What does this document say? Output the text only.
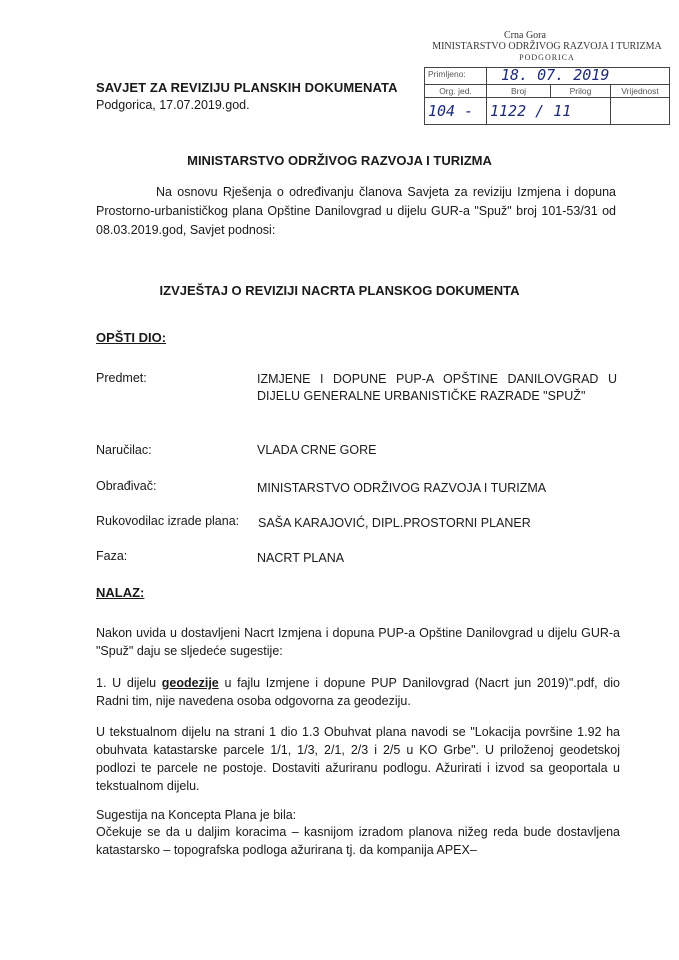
SAVJET ZA REVIZIJU PLANSKIH DOKUMENATA
Podgorica, 17.07.2019.god.
Crna Gora
MINISTARSTVO ODRŽIVOG RAZVOJA I TURIZMA
PODGORICA
Primljeno:	18. 07. 2019
Org. jed.	Broj	Prilog	Vrijednost
104 -	1122 / 11
MINISTARSTVO ODRŽIVOG RAZVOJA I TURIZMA
Na osnovu Rješenja o određivanju članova Savjeta za reviziju Izmjena i dopuna Prostorno-urbanističkog plana Opštine Danilovgrad u dijelu GUR-a "Spuž" broj 101-53/31 od 08.03.2019.god, Savjet podnosi:
IZVJEŠTAJ O REVIZIJI NACRTA PLANSKOG DOKUMENTA
OPŠTI DIO:
Predmet:	IZMJENE I DOPUNE PUP-A OPŠTINE DANILOVGRAD U DIJELU GENERALNE URBANISTIČKE RAZRADE "SPUŽ"
Naručilac:	VLADA CRNE GORE
Obrađivač:	MINISTARSTVO ODRŽIVOG RAZVOJA I TURIZMA
Rukovodilac izrade plana: SAŠA KARAJOVIĆ, DIPL.PROSTORNI PLANER
Faza:	NACRT PLANA
NALAZ:
Nakon uvida u dostavljeni Nacrt Izmjena i dopuna PUP-a Opštine Danilovgrad u dijelu GUR-a "Spuž" daju se sljedeće sugestije:
1. U dijelu geodezije u fajlu Izmjene i dopune PUP Danilovgrad (Nacrt jun 2019)".pdf, dio Radni tim, nije navedena osoba odgovorna za geodeziju.
U tekstualnom dijelu na strani 1 dio 1.3 Obuhvat plana navodi se "Lokacija površine 1.92 ha obuhvata katastarske parcele 1/1, 1/3, 2/1, 2/3 i 2/5 u KO Grbe". U priloženoj geodetskoj podlozi te parcele ne postoje. Dostaviti ažuriranu podlogu. Ažurirati i izvod sa geoportala u tekstualnom dijelu.
Sugestija na Koncepta Plana je bila:
Očekuje se da u daljim koracima – kasnijom izradom planova nižeg reda bude dostavljena katastarsko – topografska podloga ažurirana tj. da kompanija APEX–
